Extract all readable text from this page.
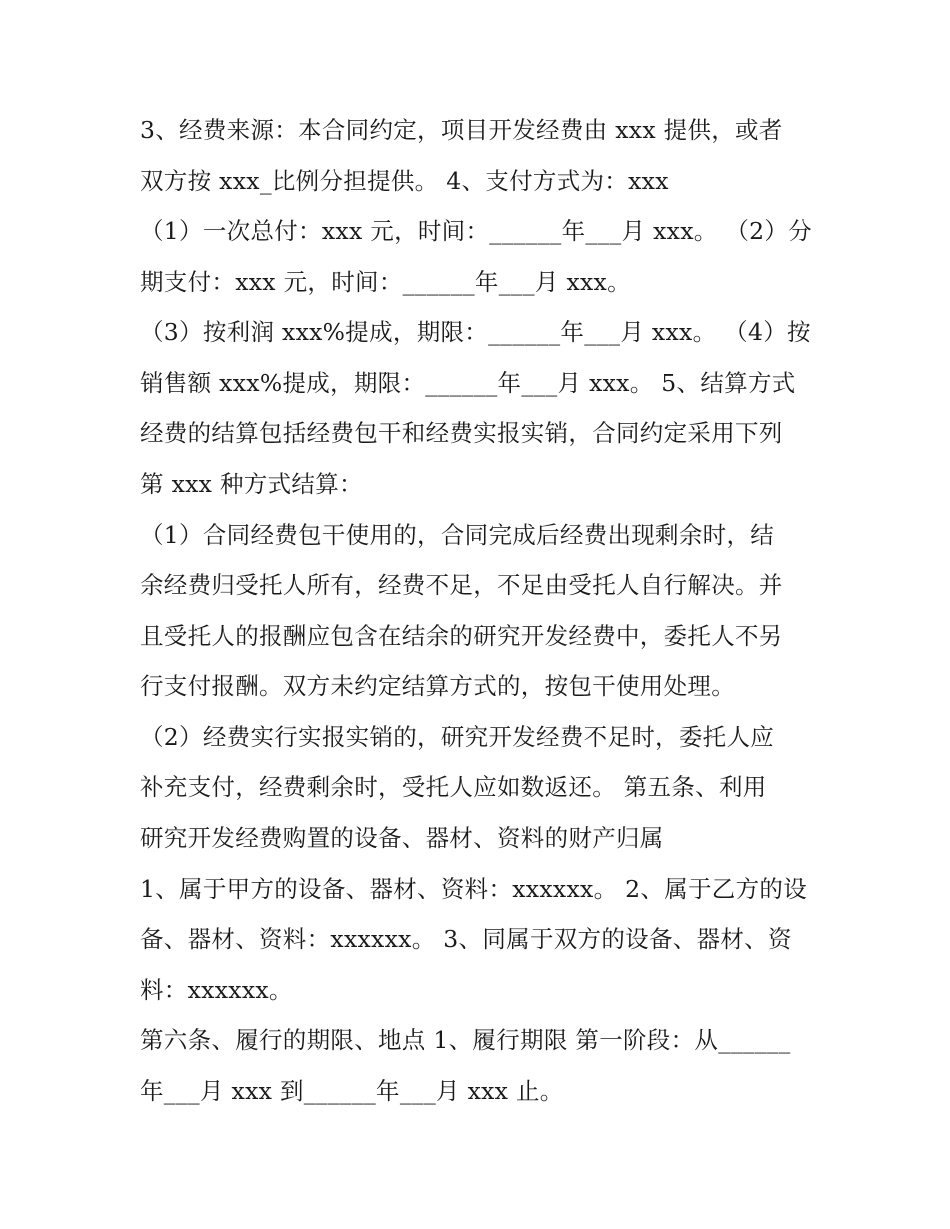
3、经费来源：本合同约定，项目开发经费由 xxx 提供，或者
双方按 xxx_比例分担提供。 4、支付方式为：xxx
（1）一次总付：xxx 元，时间：______年___月 xxx。 （2）分
期支付：xxx 元，时间：______年___月 xxx。
（3）按利润 xxx%提成，期限：______年___月 xxx。 （4）按
销售额 xxx%提成，期限：______年___月 xxx。 5、结算方式
经费的结算包括经费包干和经费实报实销，合同约定采用下列
第 xxx 种方式结算：
（1）合同经费包干使用的，合同完成后经费出现剩余时，结
余经费归受托人所有，经费不足，不足由受托人自行解决。并
且受托人的报酬应包含在结余的研究开发经费中，委托人不另
行支付报酬。双方未约定结算方式的，按包干使用处理。
（2）经费实行实报实销的，研究开发经费不足时，委托人应
补充支付，经费剩余时，受托人应如数返还。 第五条、利用
研究开发经费购置的设备、器材、资料的财产归属
1、属于甲方的设备、器材、资料：xxxxxx。 2、属于乙方的设
备、器材、资料：xxxxxx。 3、同属于双方的设备、器材、资
料：xxxxxx。
第六条、履行的期限、地点 1、履行期限 第一阶段：从______
年___月 xxx 到______年___月 xxx 止。
